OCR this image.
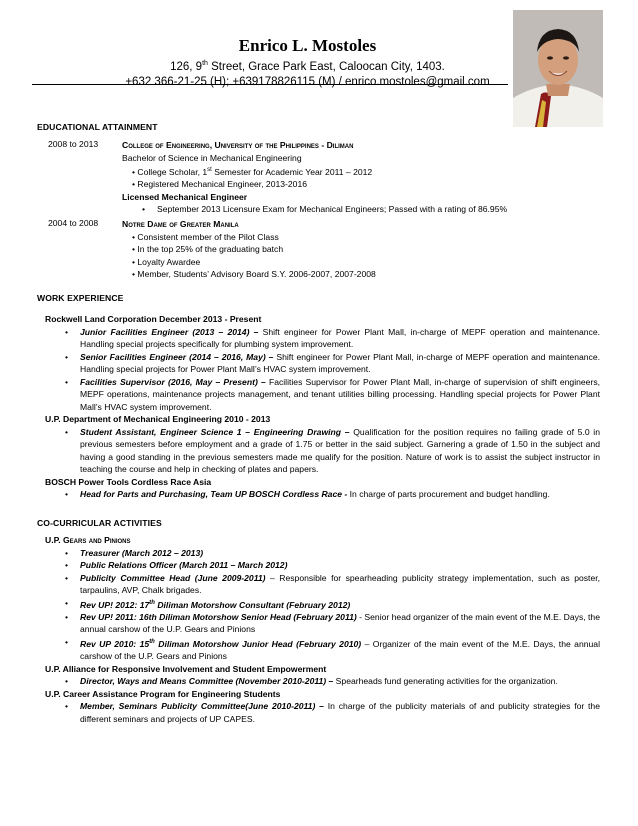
Enrico L. Mostoles
126, 9th Street, Grace Park East, Caloocan City, 1403.
+632 366-21-25 (H); +639178826115 (M) / enrico.mostoles@gmail.com
EDUCATIONAL ATTAINMENT
2008 to 2013	College of Engineering, University of the Philippines - Diliman
Bachelor of Science in Mechanical Engineering
• College Scholar, 1st Semester for Academic Year 2011 – 2012
• Registered Mechanical Engineer, 2013-2016
Licensed Mechanical Engineer
• September 2013 Licensure Exam for Mechanical Engineers; Passed with a rating of 86.95%
2004 to 2008	Notre Dame of Greater Manila
• Consistent member of the Pilot Class
• In the top 25% of the graduating batch
• Loyalty Awardee
• Member, Students’ Advisory Board S.Y. 2006-2007, 2007-2008
WORK EXPERIENCE
Rockwell Land Corporation December 2013 - Present
• Junior Facilities Engineer (2013 – 2014) – Shift engineer for Power Plant Mall, in-charge of MEPF operation and maintenance. Handling special projects specifically for plumbing system improvement.
• Senior Facilities Engineer (2014 – 2016, May) – Shift engineer for Power Plant Mall, in-charge of MEPF operation and maintenance. Handling special projects for Power Plant Mall’s HVAC system improvement.
• Facilities Supervisor (2016, May – Present) – Facilities Supervisor for Power Plant Mall, in-charge of supervision of shift engineers, MEPF operations, maintenance projects management, and tenant utilities billing processing. Handling special projects for Power Plant Mall’s HVAC system improvement.
U.P. Department of Mechanical Engineering 2010 - 2013
• Student Assistant, Engineer Science 1 – Engineering Drawing – Qualification for the position requires no failing grade of 5.0 in previous semesters before employment and a grade of 1.75 or better in the said subject. Garnering a grade of 1.50 in the subject and having a good standing in the previous semesters made me qualify for the position. Nature of work is to assist the subject instructor in teaching the course and help in checking of plates and papers.
BOSCH Power Tools Cordless Race Asia
• Head for Parts and Purchasing, Team UP BOSCH Cordless Race - In charge of parts procurement and budget handling.
CO-CURRICULAR ACTIVITIES
U.P. Gears and Pinions
• Treasurer (March 2012 – 2013)
• Public Relations Officer (March 2011 – March 2012)
• Publicity Committee Head (June 2009-2011) – Responsible for spearheading publicity strategy implementation, such as poster, tarpaulins, AVP, Chalk brigades.
• Rev UP! 2012: 17th Diliman Motorshow Consultant (February 2012)
• Rev UP! 2011: 16th Diliman Motorshow Senior Head (February 2011) - Senior head organizer of the main event of the M.E. Days, the annual carshow of the U.P. Gears and Pinions
• Rev UP 2010: 15th Diliman Motorshow Junior Head (February 2010) – Organizer of the main event of the M.E. Days, the annual carshow of the U.P. Gears and Pinions
U.P. Alliance for Responsive Involvement and Student Empowerment
• Director, Ways and Means Committee (November 2010-2011) – Spearheads fund generating activities for the organization.
U.P. Career Assistance Program for Engineering Students
• Member, Seminars Publicity Committee(June 2010-2011) – In charge of the publicity materials of and publicity strategies for the different seminars and projects of UP CAPES.
